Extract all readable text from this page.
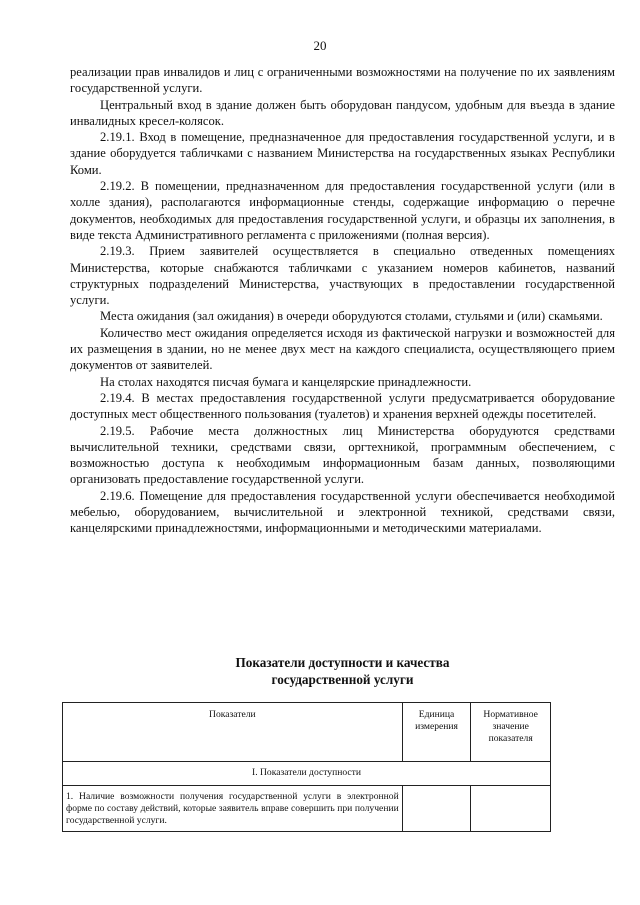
20

реализации прав инвалидов и лиц с ограниченными возможностями на получение по их заявлениям государственной услуги.

Центральный вход в здание должен быть оборудован пандусом, удобным для въезда в здание инвалидных кресел-колясок.

2.19.1. Вход в помещение, предназначенное для предоставления государственной услуги, и в здание оборудуется табличками с названием Министерства на государственных языках Республики Коми.

2.19.2. В помещении, предназначенном для предоставления государственной услуги (или в холле здания), располагаются информационные стенды, содержащие информацию о перечне документов, необходимых для предоставления государственной услуги, и образцы их заполнения, в виде текста Административного регламента с приложениями (полная версия).

2.19.3. Прием заявителей осуществляется в специально отведенных помещениях Министерства, которые снабжаются табличками с указанием номеров кабинетов, названий структурных подразделений Министерства, участвующих в предоставлении государственной услуги.

Места ожидания (зал ожидания) в очереди оборудуются столами, стульями и (или) скамьями.

Количество мест ожидания определяется исходя из фактической нагрузки и возможностей для их размещения в здании, но не менее двух мест на каждого специалиста, осуществляющего прием документов от заявителей.

На столах находятся писчая бумага и канцелярские принадлежности.

2.19.4. В местах предоставления государственной услуги предусматривается оборудование доступных мест общественного пользования (туалетов) и хранения верхней одежды посетителей.

2.19.5. Рабочие места должностных лиц Министерства оборудуются средствами вычислительной техники, средствами связи, оргтехникой, программным обеспечением, с возможностью доступа к необходимым информационным базам данных, позволяющими организовать предоставление государственной услуги.

2.19.6. Помещение для предоставления государственной услуги обеспечивается необходимой мебелью, оборудованием, вычислительной и электронной техникой, средствами связи, канцелярскими принадлежностями, информационными и методическими материалами.

Показатели доступности и качества
государственной услуги
Показатели	Единица измерения	Нормативное значение показателя
I. Показатели доступности		
1. Наличие возможности получения государственной услуги в электронной форме по составу действий, которые заявитель вправе совершить при получении государственной услуги.		
